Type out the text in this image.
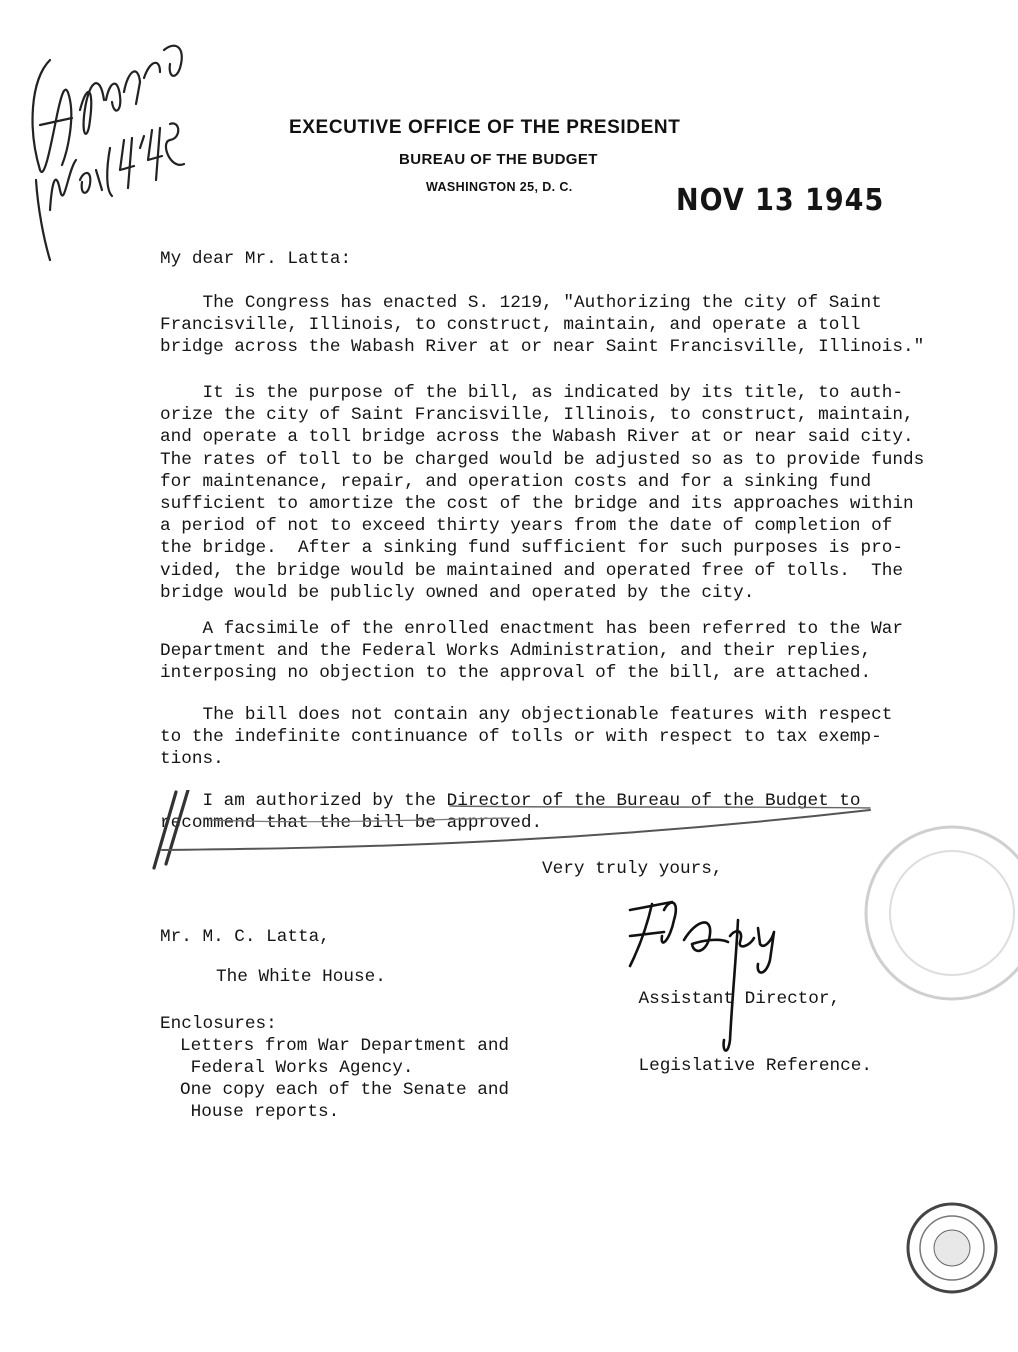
EXECUTIVE OFFICE OF THE PRESIDENT
BUREAU OF THE BUDGET
WASHINGTON 25, D. C.	NOV 13 1945
My dear Mr. Latta:
The Congress has enacted S. 1219, "Authorizing the city of Saint
Francisville, Illinois, to construct, maintain, and operate a toll
bridge across the Wabash River at or near Saint Francisville, Illinois."
It is the purpose of the bill, as indicated by its title, to auth-
orize the city of Saint Francisville, Illinois, to construct, maintain,
and operate a toll bridge across the Wabash River at or near said city.
The rates of toll to be charged would be adjusted so as to provide funds
for maintenance, repair, and operation costs and for a sinking fund
sufficient to amortize the cost of the bridge and its approaches within
a period of not to exceed thirty years from the date of completion of
the bridge.  After a sinking fund sufficient for such purposes is pro-
vided, the bridge would be maintained and operated free of tolls.  The
bridge would be publicly owned and operated by the city.
A facsimile of the enrolled enactment has been referred to the War
Department and the Federal Works Administration, and their replies,
interposing no objection to the approval of the bill, are attached.
The bill does not contain any objectionable features with respect
to the indefinite continuance of tolls or with respect to tax exemp-
tions.
I am authorized by the Director of the Bureau of the Budget to
recommend that the bill be approved.
Very truly yours,

Assistant Director,

Legislative Reference.

Mr. M. C. Latta,
The White House.
Enclosures:
Letters from War Department and
Federal Works Agency.
One copy each of the Senate and
House reports.
